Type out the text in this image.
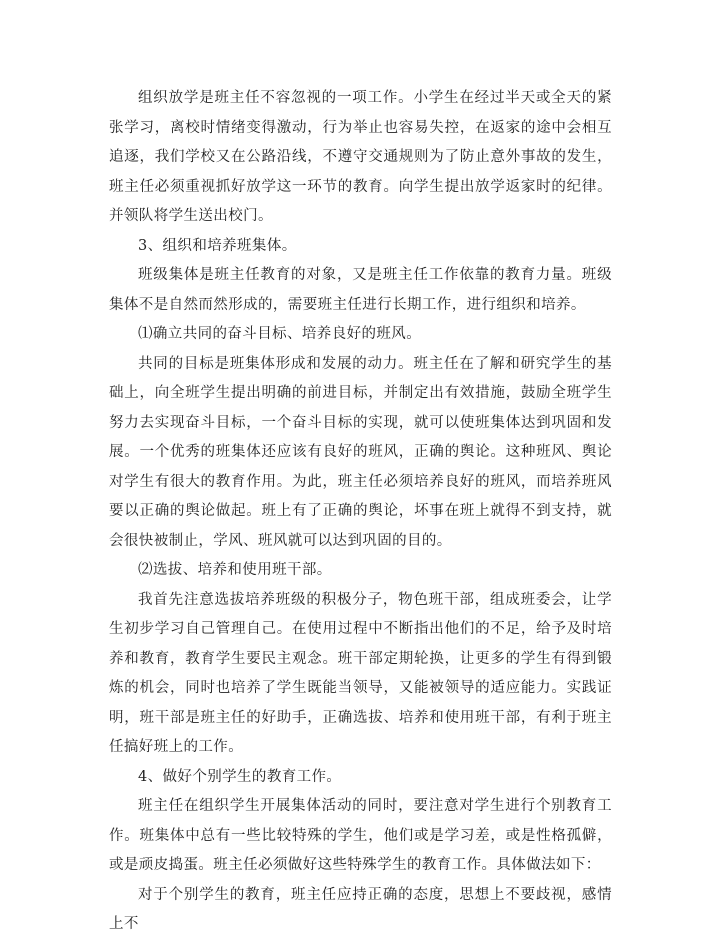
组织放学是班主任不容忽视的一项工作。小学生在经过半天或全天的紧张学习，离校时情绪变得激动，行为举止也容易失控，在返家的途中会相互追逐，我们学校又在公路沿线，不遵守交通规则为了防止意外事故的发生，班主任必须重视抓好放学这一环节的教育。向学生提出放学返家时的纪律。并领队将学生送出校门。

3、组织和培养班集体。

班级集体是班主任教育的对象，又是班主任工作依靠的教育力量。班级集体不是自然而然形成的，需要班主任进行长期工作，进行组织和培养。

⑴确立共同的奋斗目标、培养良好的班风。

共同的目标是班集体形成和发展的动力。班主任在了解和研究学生的基础上，向全班学生提出明确的前进目标，并制定出有效措施，鼓励全班学生努力去实现奋斗目标，一个奋斗目标的实现，就可以使班集体达到巩固和发展。一个优秀的班集体还应该有良好的班风，正确的舆论。这种班风、舆论对学生有很大的教育作用。为此，班主任必须培养良好的班风，而培养班风要以正确的舆论做起。班上有了正确的舆论，坏事在班上就得不到支持，就会很快被制止，学风、班风就可以达到巩固的目的。

⑵选拔、培养和使用班干部。

我首先注意选拔培养班级的积极分子，物色班干部，组成班委会，让学生初步学习自己管理自己。在使用过程中不断指出他们的不足，给予及时培养和教育，教育学生要民主观念。班干部定期轮换，让更多的学生有得到锻炼的机会，同时也培养了学生既能当领导，又能被领导的适应能力。实践证明，班干部是班主任的好助手，正确选拔、培养和使用班干部，有利于班主任搞好班上的工作。

4、做好个别学生的教育工作。

班主任在组织学生开展集体活动的同时，要注意对学生进行个别教育工作。班集体中总有一些比较特殊的学生，他们或是学习差，或是性格孤僻，或是顽皮捣蛋。班主任必须做好这些特殊学生的教育工作。具体做法如下：

对于个别学生的教育，班主任应持正确的态度，思想上不要歧视，感情上不
